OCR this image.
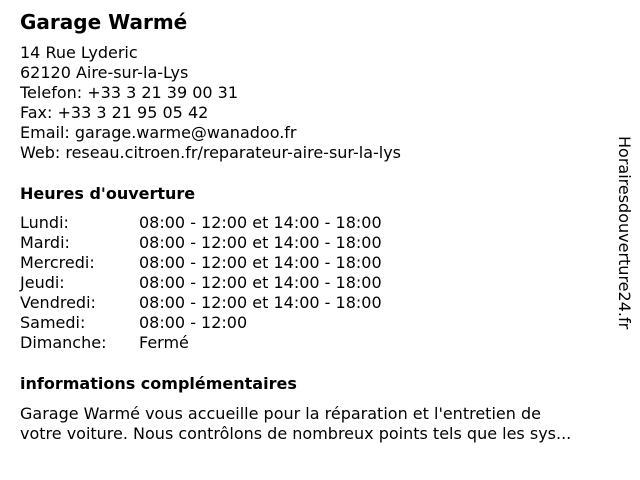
Garage Warmé
14 Rue Lyderic
62120 Aire-sur-la-Lys
Telefon: +33 3 21 39 00 31
Fax: +33 3 21 95 05 42
Email: garage.warme@wanadoo.fr
Web: reseau.citroen.fr/reparateur-aire-sur-la-lys
Heures d'ouverture
Lundi:	08:00 - 12:00 et 14:00 - 18:00
Mardi:	08:00 - 12:00 et 14:00 - 18:00
Mercredi:	08:00 - 12:00 et 14:00 - 18:00
Jeudi:	08:00 - 12:00 et 14:00 - 18:00
Vendredi:	08:00 - 12:00 et 14:00 - 18:00
Samedi:	08:00 - 12:00
Dimanche: Fermé
informations complémentaires
Garage Warmé vous accueille pour la réparation et l'entretien de
votre voiture. Nous contrôlons de nombreux points tels que les sys...
Horairesdouverture24.fr
